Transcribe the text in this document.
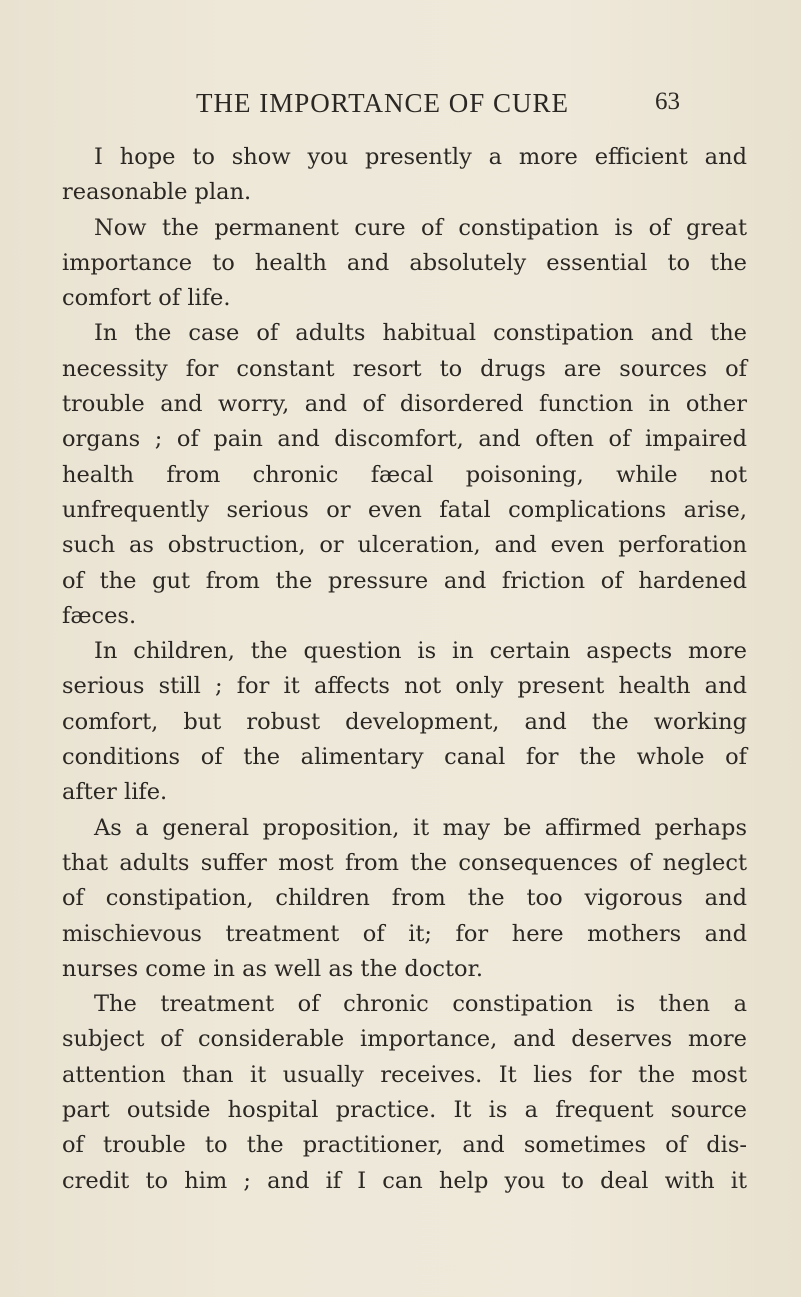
THE IMPORTANCE OF CURE	63
I hope to show you presently a more efficient and
reasonable plan.
Now the permanent cure of constipation is of great
importance to health and absolutely essential to the
comfort of life.
In the case of adults habitual constipation and the
necessity for constant resort to drugs are sources of
trouble and worry, and of disordered function in other
organs ; of pain and discomfort, and often of impaired
health from chronic fæcal poisoning, while not
unfrequently serious or even fatal complications arise,
such as obstruction, or ulceration, and even perforation
of the gut from the pressure and friction of hardened
fæces.
In children, the question is in certain aspects more
serious still ; for it affects not only present health and
comfort, but robust development, and the working
conditions of the alimentary canal for the whole of
after life.
As a general proposition, it may be affirmed perhaps
that adults suffer most from the consequences of neglect
of constipation, children from the too vigorous and
mischievous treatment of it; for here mothers and
nurses come in as well as the doctor.
The treatment of chronic constipation is then a
subject of considerable importance, and deserves more
attention than it usually receives. It lies for the most
part outside hospital practice. It is a frequent source
of trouble to the practitioner, and sometimes of dis-
credit to him ; and if I can help you to deal with it
